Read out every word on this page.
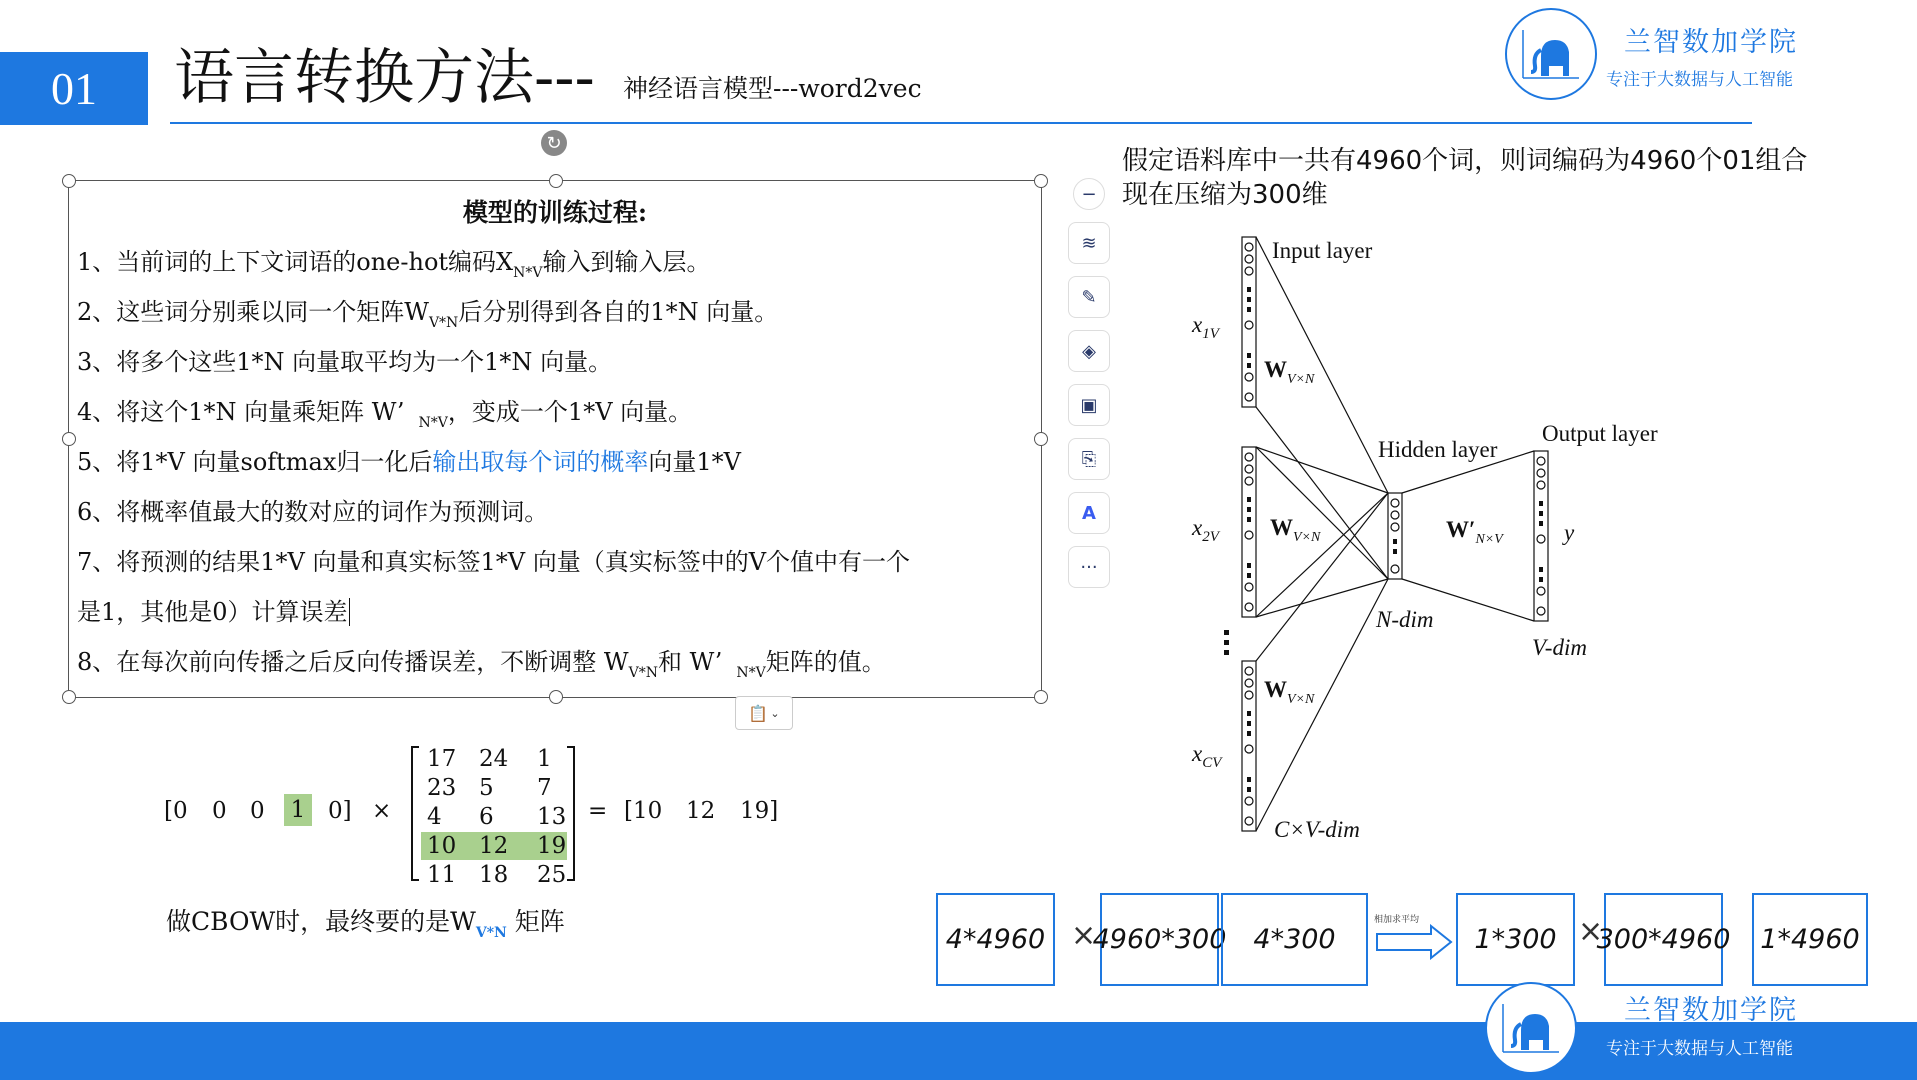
01 语言转换方法--- 神经语言模型---word2vec
兰智数加学院
专注于大数据与人工智能
↻
模型的训练过程:
1、当前词的上下文词语的one-hot编码$X_{N*V}$输入到输入层。
2、这些词分别乘以同一个矩阵$W_{V*N}$后分别得到各自的1*N 向量。
3、将多个这些1*N 向量取平均为一个1*N 向量。
4、将这个1*N 向量乘矩阵 W’ $_{N*V}$，变成一个1*V 向量。
5、将1*V 向量softmax归一化后输出取每个词的概率向量1*V
6、将概率值最大的数对应的词作为预测词。
7、将预测的结果1*V 向量和真实标签1*V 向量（真实标签中的V个值中有一个
是1，其他是0）计算误差
8、在每次前向传播之后反向传播误差，不断调整 $W_{V*N}$和 W’ $_{N*V}$矩阵的值。
📋 ⌄
−
≋
✎
◈
▣
⎘
A
···
[0 0 0 1 0] ×
17 24 1
23 5 7
4 6 13
10 12 19
11 18 25
= [10 12 19]
做CBOW时，最终要的是$W_{V*N}$ 矩阵
假定语料库中一共有4960个词，则词编码为4960个01组合
现在压缩为300维
Input layer
Hidden layer
Output layer
$x_{1V}$
$x_{2V}$
$x_{CV}$
$W_{V\times N}$
$W_{V\times N}$
$W_{V\times N}$
$W'_{N\times V}$	y
N-dim
V-dim
C×V-dim
4*4960 ×
4960*300	4*300
相加求平均
1*300 ×
300*4960	1*4960
兰智数加学院
专注于大数据与人工智能
